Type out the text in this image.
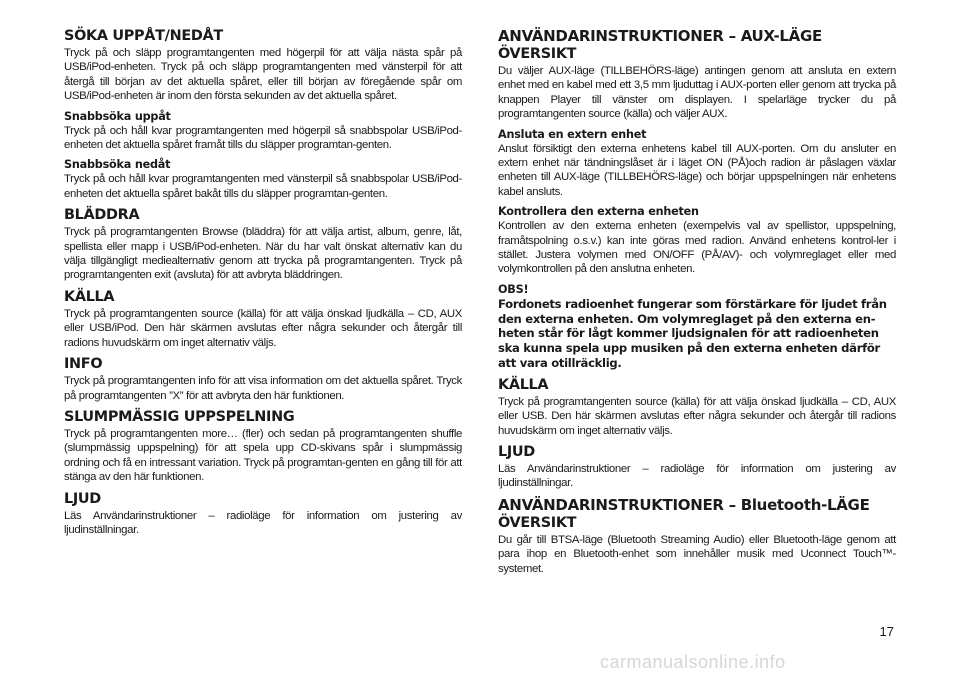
SÖKA UPPÅT/NEDÅT

Tryck på och släpp programtangenten med högerpil för att välja nästa spår på USB/iPod-enheten. Tryck på och släpp programtangenten med vänsterpil för att återgå till början av det aktuella spåret, eller till början av föregående spår om USB/iPod-enheten är inom den första sekunden av det aktuella spåret.

Snabbsöka uppåt

Tryck på och håll kvar programtangenten med högerpil så snabbspolar USB/iPod-enheten det aktuella spåret framåt tills du släpper programtan-genten.

Snabbsöka nedåt

Tryck på och håll kvar programtangenten med vänsterpil så snabbspolar USB/iPod-enheten det aktuella spåret bakåt tills du släpper programtan-genten.

BLÄDDRA

Tryck på programtangenten Browse (bläddra) för att välja artist, album, genre, låt, spellista eller mapp i USB/iPod-enheten. När du har valt önskat alternativ kan du välja tillgängligt mediealternativ genom att trycka på programtangenten. Tryck på programtangenten exit (avsluta) för att avbryta bläddringen.

KÄLLA

Tryck på programtangenten source (källa) för att välja önskad ljudkälla – CD, AUX eller USB/iPod. Den här skärmen avslutas efter några sekunder och återgår till radions huvudskärm om inget alternativ väljs.

INFO

Tryck på programtangenten info för att visa information om det aktuella spåret. Tryck på programtangenten ”X” för att avbryta den här funktionen.

SLUMPMÄSSIG UPPSPELNING

Tryck på programtangenten more… (fler) och sedan på programtangenten shuffle (slumpmässig uppspelning) för att spela upp CD-skivans spår i slumpmässig ordning och få en intressant variation. Tryck på programtan-genten en gång till för att stänga av den här funktionen.

LJUD

Läs Användarinstruktioner – radioläge för information om justering av ljudinställningar.

ANVÄNDARINSTRUKTIONER – AUX-LÄGE
ÖVERSIKT

Du väljer AUX-läge (TILLBEHÖRS-läge) antingen genom att ansluta en extern enhet med en kabel med ett 3,5 mm ljuduttag i AUX-porten eller genom att trycka på knappen Player till vänster om displayen. I spelarläge trycker du på programtangenten source (källa) och väljer AUX.

Ansluta en extern enhet

Anslut försiktigt den externa enhetens kabel till AUX-porten. Om du ansluter en extern enhet när tändningslåset är i läget ON (PÅ)och radion är påslagen växlar enheten till AUX-läge (TILLBEHÖRS-läge) och börjar uppspelningen när enhetens kabel ansluts.

Kontrollera den externa enheten

Kontrollen av den externa enheten (exempelvis val av spellistor, uppspelning, framåtspolning o.s.v.) kan inte göras med radion. Använd enhetens kontrol-ler i stället. Justera volymen med ON/OFF (PÅ/AV)- och volymreglaget eller med volymkontrollen på den anslutna enheten.

OBS!

Fordonets radioenhet fungerar som förstärkare för ljudet från den externa enheten. Om volymreglaget på den externa en-heten står för lågt kommer ljudsignalen för att radioenheten ska kunna spela upp musiken på den externa enheten därför att vara otillräcklig.

KÄLLA

Tryck på programtangenten source (källa) för att välja önskad ljudkälla – CD, AUX eller USB. Den här skärmen avslutas efter några sekunder och återgår till radions huvudskärm om inget alternativ väljs.

LJUD

Läs Användarinstruktioner – radioläge för information om justering av ljudinställningar.

ANVÄNDARINSTRUKTIONER – Bluetooth-LÄGE
ÖVERSIKT

Du går till BTSA-läge (Bluetooth Streaming Audio) eller Bluetooth-läge genom att para ihop en Bluetooth-enhet som innehåller musik med Uconnect Touch™-systemet.

17
carmanualsonline.info
